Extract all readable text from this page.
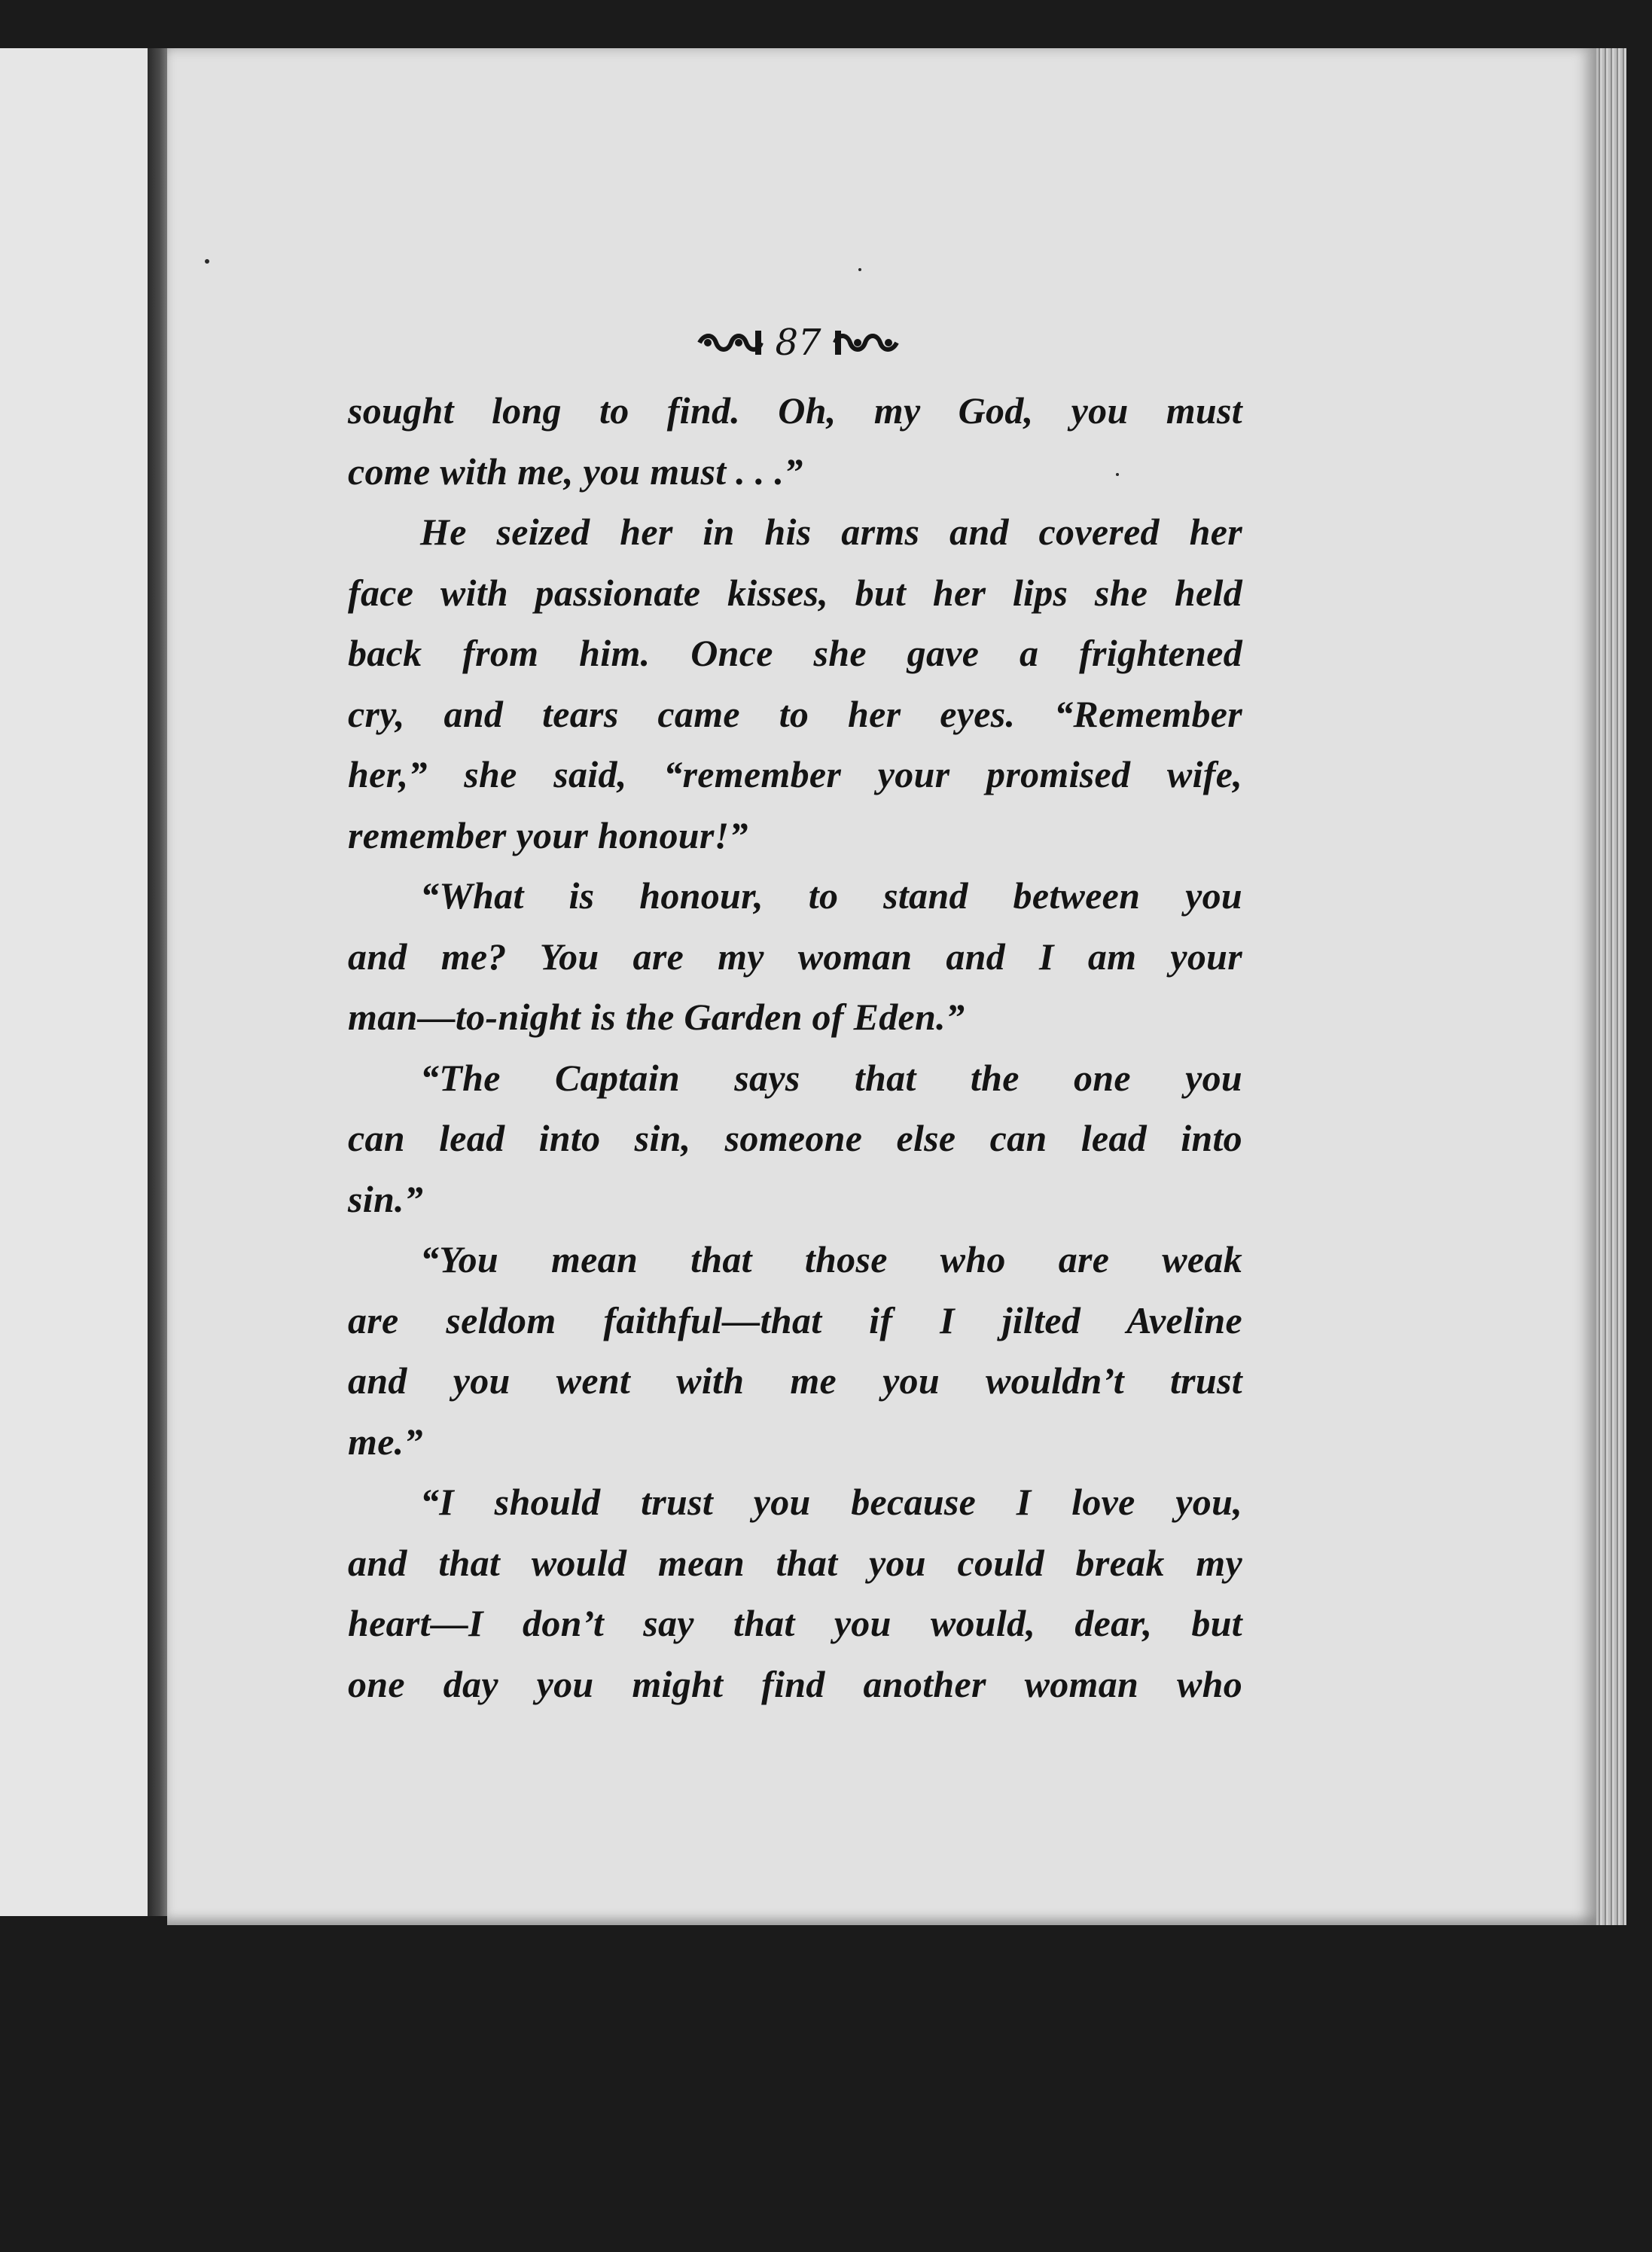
87
sought long to find. Oh, my God, you must
come with me, you must . . .”
He seized her in his arms and covered her
face with passionate kisses, but her lips she held
back from him. Once she gave a frightened
cry, and tears came to her eyes. “Remember
her,” she said, “remember your promised wife,
remember your honour!”
“What is honour, to stand between you
and me? You are my woman and I am your
man—to-night is the Garden of Eden.”
“The Captain says that the one you
can lead into sin, someone else can lead into
sin.”
“You mean that those who are weak
are seldom faithful—that if I jilted Aveline
and you went with me you wouldn’t trust
me.”
“I should trust you because I love you,
and that would mean that you could break my
heart—I don’t say that you would, dear, but
one day you might find another woman who
